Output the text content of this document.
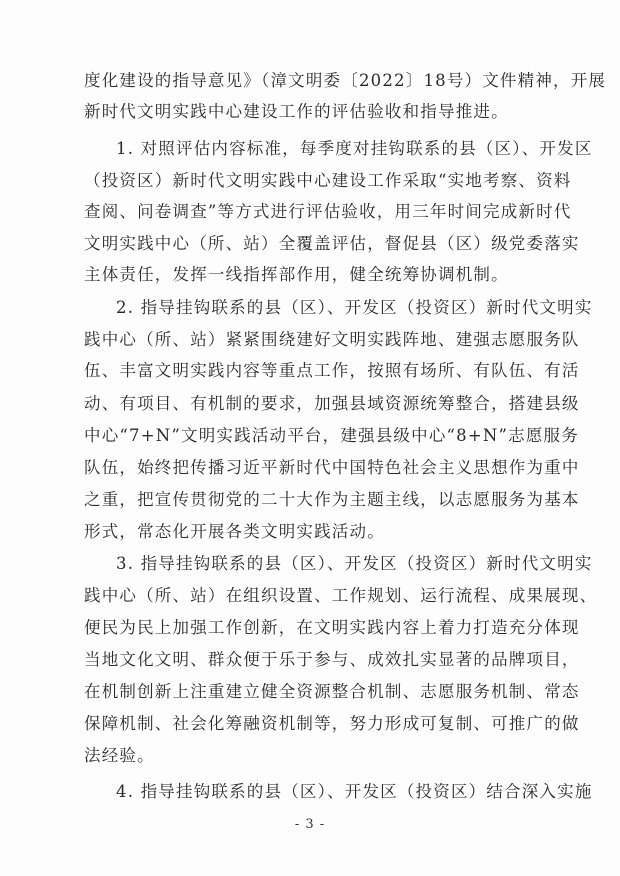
度化建设的指导意见》（漳文明委〔2022〕18号）文件精神，开展
新时代文明实践中心建设工作的评估验收和指导推进。
1. 对照评估内容标准，每季度对挂钩联系的县（区）、开发区
（投资区）新时代文明实践中心建设工作采取“实地考察、资料
查阅、问卷调查”等方式进行评估验收，用三年时间完成新时代
文明实践中心（所、站）全覆盖评估，督促县（区）级党委落实
主体责任，发挥一线指挥部作用，健全统筹协调机制。
2. 指导挂钩联系的县（区）、开发区（投资区）新时代文明实
践中心（所、站）紧紧围绕建好文明实践阵地、建强志愿服务队
伍、丰富文明实践内容等重点工作，按照有场所、有队伍、有活
动、有项目、有机制的要求，加强县域资源统筹整合，搭建县级
中心“7+N”文明实践活动平台，建强县级中心“8+N”志愿服务
队伍，始终把传播习近平新时代中国特色社会主义思想作为重中
之重，把宣传贯彻党的二十大作为主题主线，以志愿服务为基本
形式，常态化开展各类文明实践活动。
3. 指导挂钩联系的县（区）、开发区（投资区）新时代文明实
践中心（所、站）在组织设置、工作规划、运行流程、成果展现、
便民为民上加强工作创新，在文明实践内容上着力打造充分体现
当地文化文明、群众便于乐于参与、成效扎实显著的品牌项目，
在机制创新上注重建立健全资源整合机制、志愿服务机制、常态
保障机制、社会化筹融资机制等，努力形成可复制、可推广的做
法经验。
4. 指导挂钩联系的县（区）、开发区（投资区）结合深入实施
- 3 -
